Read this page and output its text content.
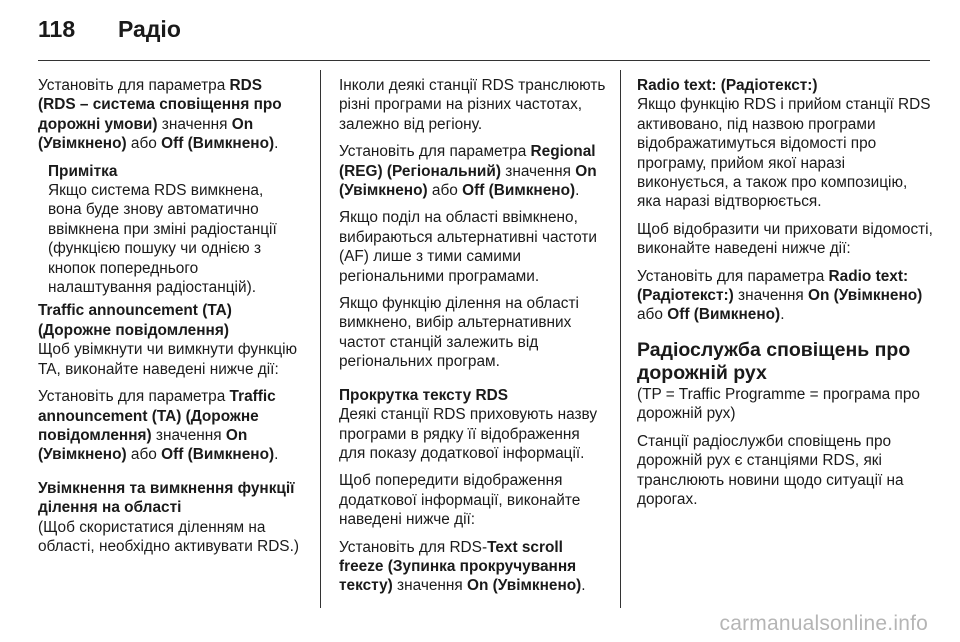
118 Радіо

Установіть для параметра RDS (RDS – система сповіщення про дорожні умови) значення On (Увімкнено) або Off (Вимкнено).

Примітка
Якщо система RDS вимкнена, вона буде знову автоматично ввімкнена при зміні радіостанції (функцією пошуку чи однією з кнопок попереднього налаштування радіостанцій).
Traffic announcement (TA) (Дорожне повідомлення)

Щоб увімкнути чи вимкнути функцію TA, виконайте наведені нижче дії:

Установіть для параметра Traffic announcement (TA) (Дорожне повідомлення) значення On (Увімкнено) або Off (Вимкнено).

Увімкнення та вимкнення функції ділення на області

(Щоб скористатися діленням на області, необхідно активувати RDS.)

Інколи деякі станції RDS транслюють різні програми на різних частотах, залежно від регіону.

Установіть для параметра Regional (REG) (Регіональний) значення On (Увімкнено) або Off (Вимкнено).

Якщо поділ на області ввімкнено, вибираються альтернативні частоти (AF) лише з тими самими регіональними програмами.

Якщо функцію ділення на області вимкнено, вибір альтернативних частот станцій залежить від регіональних програм.

Прокрутка тексту RDS

Деякі станції RDS приховують назву програми в рядку її відображення для показу додаткової інформації.

Щоб попередити відображення додаткової інформації, виконайте наведені нижче дії:

Установіть для RDS-Text scroll freeze (Зупинка прокручування тексту) значення On (Увімкнено).

Radio text: (Радіотекст:)

Якщо функцію RDS і прийом станції RDS активовано, під назвою програми відображатимуться відомості про програму, прийом якої наразі виконується, а також про композицію, яка наразі відтворюється.

Щоб відобразити чи приховати відомості, виконайте наведені нижче дії:

Установіть для параметра Radio text: (Радіотекст:) значення On (Увімкнено) або Off (Вимкнено).

Радіослужба сповіщень про дорожній рух

(TP = Traffic Programme = програма про дорожній рух)

Станції радіослужби сповіщень про дорожній рух є станціями RDS, які транслюють новини щодо ситуації на дорогах.

carmanualsonline.info
